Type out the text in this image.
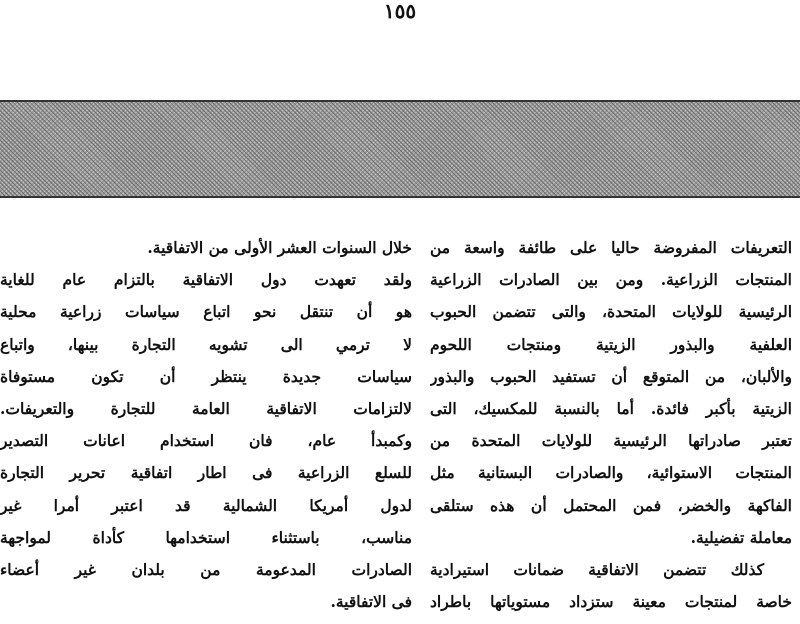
١٥٥
التعريفات المفروضة حاليا على طائفة واسعة من
المنتجات الزراعية. ومن بين الصادرات الزراعية
الرئيسية للولايات المتحدة، والتى تتضمن الحبوب
العلفية والبذور الزيتية ومنتجات اللحوم
والألبان، من المتوقع أن تستفيد الحبوب والبذور
الزيتية بأكبر فائدة. أما بالنسبة للمكسيك، التى
تعتبر صادراتها الرئيسية للولايات المتحدة من
المنتجات الاستوائية، والصادرات البستانية مثل
الفاكهة والخضر، فمن المحتمل أن هذه ستلقى
معاملة تفضيلية.
كذلك تتضمن الاتفاقية ضمانات استيرادية
خاصة لمنتجات معينة ستزداد مستوياتها باطراد
خلال السنوات العشر الأولى من الاتفاقية.
ولقد تعهدت دول الاتفاقية بالتزام عام للغاية
هو أن تنتقل نحو اتباع سياسات زراعية محلية
لا ترمي الى تشويه التجارة بينها، واتباع
سياسات جديدة ينتظر أن تكون مستوفاة
لالتزامات الاتفاقية العامة للتجارة والتعريفات.
وكمبدأ عام، فان استخدام اعانات التصدير
للسلع الزراعية فى اطار اتفاقية تحرير التجارة
لدول أمريكا الشمالية قد اعتبر أمرا غير
مناسب، باستثناء استخدامها كأداة لمواجهة
الصادرات المدعومة من بلدان غير أعضاء
فى الاتفاقية.
